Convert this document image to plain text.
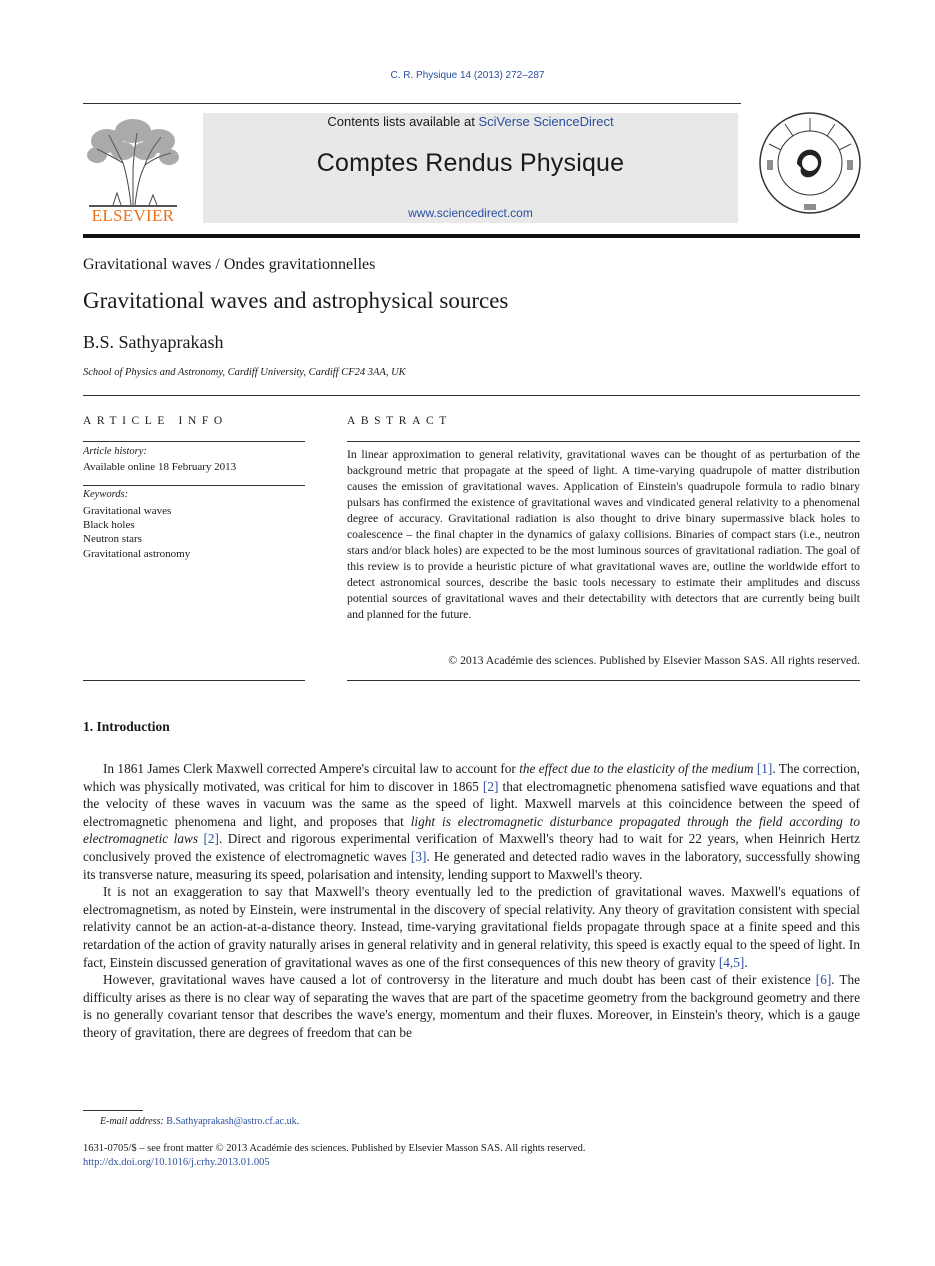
C. R. Physique 14 (2013) 272–287
ELSEVIER
Contents lists available at SciVerse ScienceDirect
Comptes Rendus Physique
www.sciencedirect.com
Gravitational waves / Ondes gravitationnelles
Gravitational waves and astrophysical sources
B.S. Sathyaprakash
School of Physics and Astronomy, Cardiff University, Cardiff CF24 3AA, UK
ARTICLE INFO
Article history:
Available online 18 February 2013
Keywords:
Gravitational waves
Black holes
Neutron stars
Gravitational astronomy
ABSTRACT

In linear approximation to general relativity, gravitational waves can be thought of as perturbation of the background metric that propagate at the speed of light. A time-varying quadrupole of matter distribution causes the emission of gravitational waves. Application of Einstein's quadrupole formula to radio binary pulsars has confirmed the existence of gravitational waves and vindicated general relativity to a phenomenal degree of accuracy. Gravitational radiation is also thought to drive binary supermassive black holes to coalescence – the final chapter in the dynamics of galaxy collisions. Binaries of compact stars (i.e., neutron stars and/or black holes) are expected to be the most luminous sources of gravitational radiation. The goal of this review is to provide a heuristic picture of what gravitational waves are, outline the worldwide effort to detect astronomical sources, describe the basic tools necessary to estimate their amplitudes and discuss potential sources of gravitational waves and their detectability with detectors that are currently being built and planned for the future.

© 2013 Académie des sciences. Published by Elsevier Masson SAS. All rights reserved.
1. Introduction

In 1861 James Clerk Maxwell corrected Ampere's circuital law to account for the effect due to the elasticity of the medium [1]. The correction, which was physically motivated, was critical for him to discover in 1865 [2] that electromagnetic phenomena satisfied wave equations and that the velocity of these waves in vacuum was the same as the speed of light. Maxwell marvels at this coincidence between the speed of electromagnetic phenomena and light, and proposes that light is electromagnetic disturbance propagated through the field according to electromagnetic laws [2]. Direct and rigorous experimental verification of Maxwell's theory had to wait for 22 years, when Heinrich Hertz conclusively proved the existence of electromagnetic waves [3]. He generated and detected radio waves in the laboratory, successfully showing its transverse nature, measuring its speed, polarisation and intensity, lending support to Maxwell's theory.

It is not an exaggeration to say that Maxwell's theory eventually led to the prediction of gravitational waves. Maxwell's equations of electromagnetism, as noted by Einstein, were instrumental in the discovery of special relativity. Any theory of gravitation consistent with special relativity cannot be an action-at-a-distance theory. Instead, time-varying gravitational fields propagate through space at a finite speed and this retardation of the action of gravity naturally arises in general relativity and in general relativity, this speed is exactly equal to the speed of light. In fact, Einstein discussed generation of gravitational waves as one of the first consequences of this new theory of gravity [4,5].

However, gravitational waves have caused a lot of controversy in the literature and much doubt has been cast of their existence [6]. The difficulty arises as there is no clear way of separating the waves that are part of the spacetime geometry from the background geometry and there is no generally covariant tensor that describes the wave's energy, momentum and their fluxes. Moreover, in Einstein's theory, which is a gauge theory of gravitation, there are degrees of freedom that can be

E-mail address: B.Sathyaprakash@astro.cf.ac.uk.
1631-0705/$ – see front matter © 2013 Académie des sciences. Published by Elsevier Masson SAS. All rights reserved.
http://dx.doi.org/10.1016/j.crhy.2013.01.005
